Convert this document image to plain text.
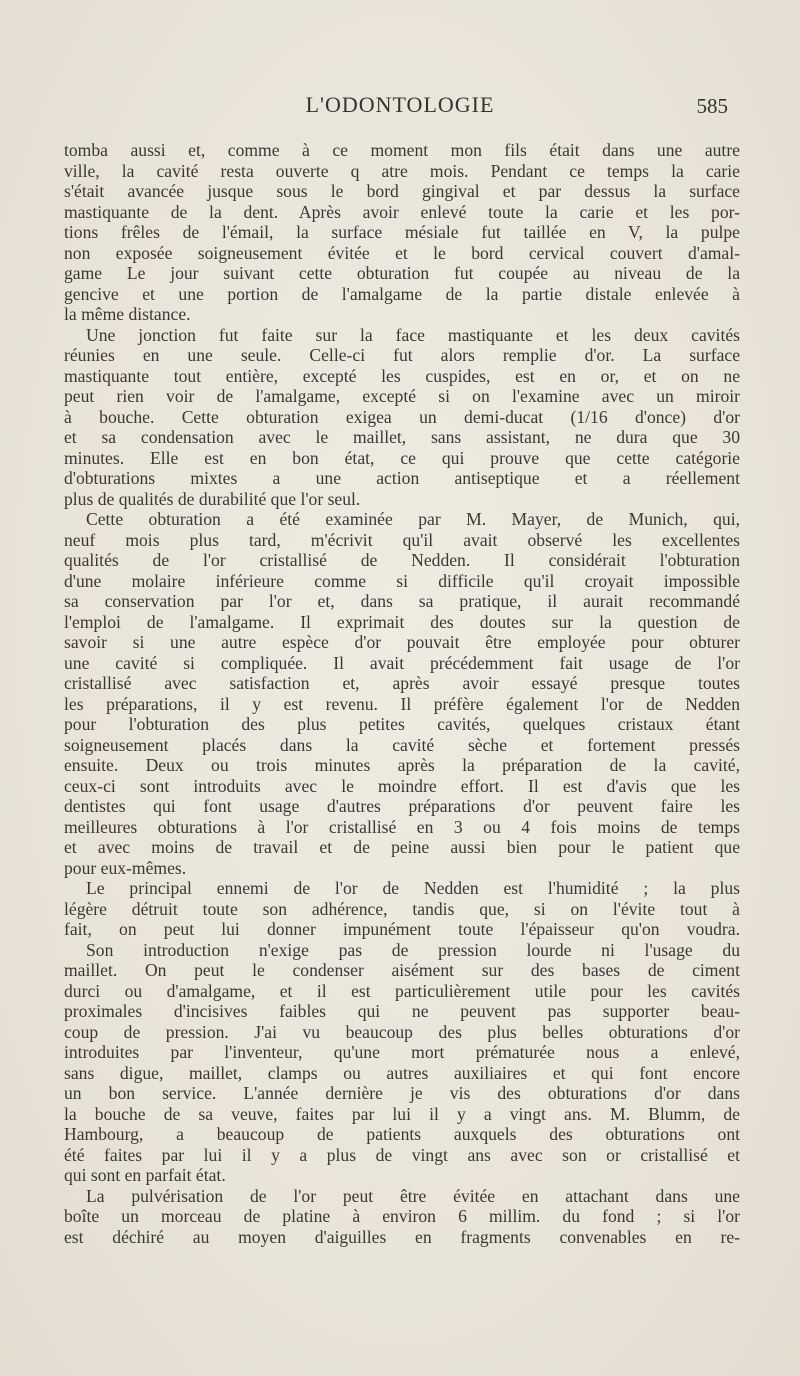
L'ODONTOLOGIE	585
tomba aussi et, comme à ce moment mon fils était dans une autre
ville, la cavité resta ouverte q atre mois. Pendant ce temps la carie
s'était avancée jusque sous le bord gingival et par dessus la surface
mastiquante de la dent. Après avoir enlevé toute la carie et les por-
tions frêles de l'émail, la surface mésiale fut taillée en V, la pulpe
non exposée soigneusement évitée et le bord cervical couvert d'amal-
game Le jour suivant cette obturation fut coupée au niveau de la
gencive et une portion de l'amalgame de la partie distale enlevée à
la même distance.
Une jonction fut faite sur la face mastiquante et les deux cavités
réunies en une seule. Celle-ci fut alors remplie d'or. La surface
mastiquante tout entière, excepté les cuspides, est en or, et on ne
peut rien voir de l'amalgame, excepté si on l'examine avec un miroir
à bouche. Cette obturation exigea un demi-ducat (1/16 d'once) d'or
et sa condensation avec le maillet, sans assistant, ne dura que 30
minutes. Elle est en bon état, ce qui prouve que cette catégorie
d'obturations mixtes a une action antiseptique et a réellement
plus de qualités de durabilité que l'or seul.
Cette obturation a été examinée par M. Mayer, de Munich, qui,
neuf mois plus tard, m'écrivit qu'il avait observé les excellentes
qualités de l'or cristallisé de Nedden. Il considérait l'obturation
d'une molaire inférieure comme si difficile qu'il croyait impossible
sa conservation par l'or et, dans sa pratique, il aurait recommandé
l'emploi de l'amalgame. Il exprimait des doutes sur la question de
savoir si une autre espèce d'or pouvait être employée pour obturer
une cavité si compliquée. Il avait précédemment fait usage de l'or
cristallisé avec satisfaction et, après avoir essayé presque toutes
les préparations, il y est revenu. Il préfère également l'or de Nedden
pour l'obturation des plus petites cavités, quelques cristaux étant
soigneusement placés dans la cavité sèche et fortement pressés
ensuite. Deux ou trois minutes après la préparation de la cavité,
ceux-ci sont introduits avec le moindre effort. Il est d'avis que les
dentistes qui font usage d'autres préparations d'or peuvent faire les
meilleures obturations à l'or cristallisé en 3 ou 4 fois moins de temps
et avec moins de travail et de peine aussi bien pour le patient que
pour eux-mêmes.
Le principal ennemi de l'or de Nedden est l'humidité ; la plus
légère détruit toute son adhérence, tandis que, si on l'évite tout à
fait, on peut lui donner impunément toute l'épaisseur qu'on voudra.
Son introduction n'exige pas de pression lourde ni l'usage du
maillet. On peut le condenser aisément sur des bases de ciment
durci ou d'amalgame, et il est particulièrement utile pour les cavités
proximales d'incisives faibles qui ne peuvent pas supporter beau-
coup de pression. J'ai vu beaucoup des plus belles obturations d'or
introduites par l'inventeur, qu'une mort prématurée nous a enlevé,
sans digue, maillet, clamps ou autres auxiliaires et qui font encore
un bon service. L'année dernière je vis des obturations d'or dans
la bouche de sa veuve, faites par lui il y a vingt ans. M. Blumm, de
Hambourg, a beaucoup de patients auxquels des obturations ont
été faites par lui il y a plus de vingt ans avec son or cristallisé et
qui sont en parfait état.
La pulvérisation de l'or peut être évitée en attachant dans une
boîte un morceau de platine à environ 6 millim. du fond ; si l'or
est déchiré au moyen d'aiguilles en fragments convenables en re-
